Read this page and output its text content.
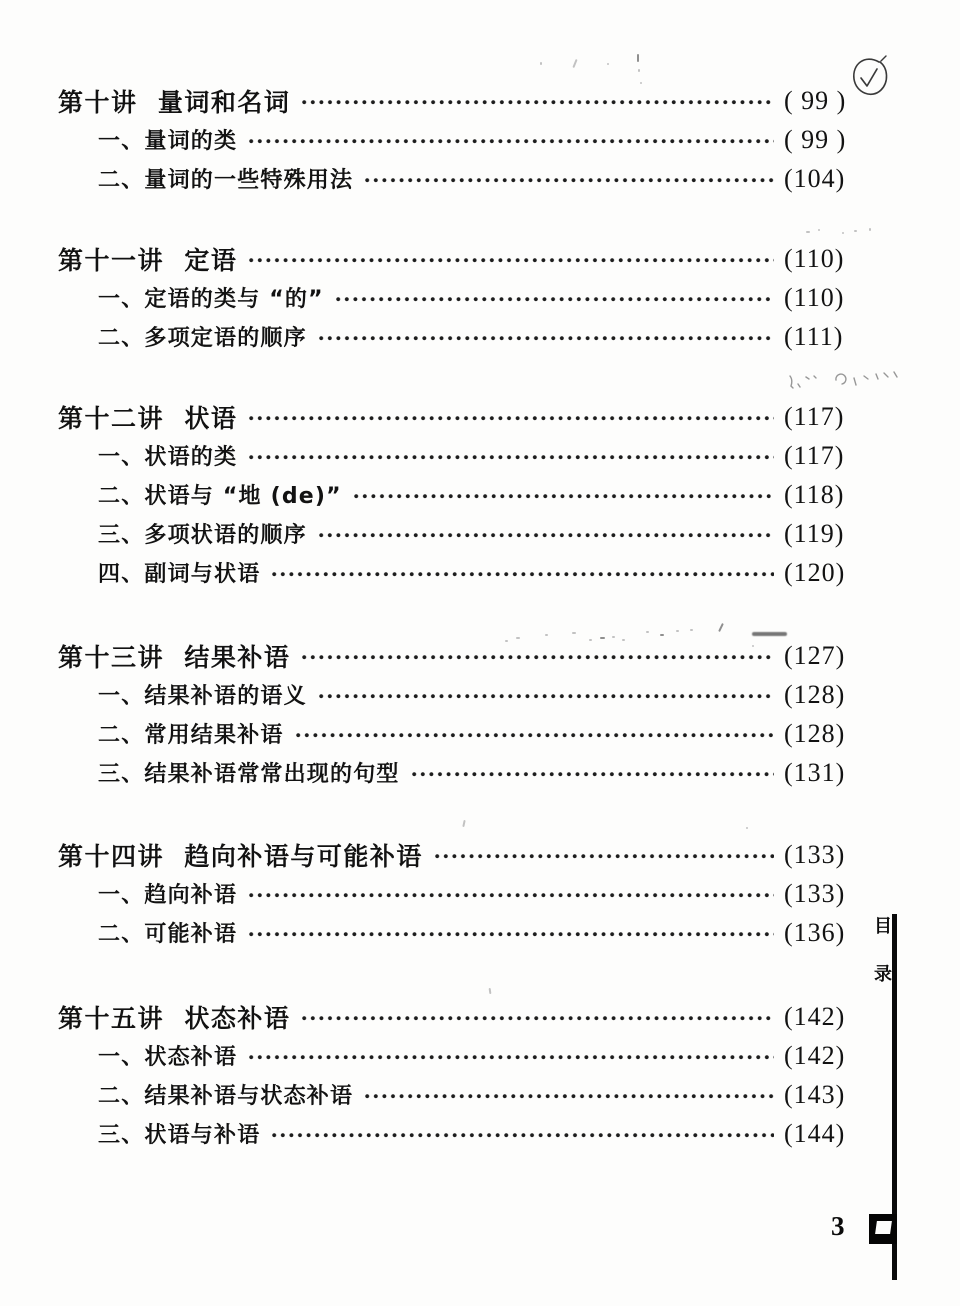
第十讲  量词和名词	( 99 )
一、量词的类	( 99 )
二、量词的一些特殊用法	(104)
第十一讲  定语	(110)
一、定语的类与 “的”	(110)
二、多项定语的顺序	(111)
第十二讲  状语	(117)
一、状语的类	(117)
二、状语与 “地 (de)”	(118)
三、多项状语的顺序	(119)
四、副词与状语	(120)
第十三讲  结果补语	(127)
一、结果补语的语义	(128)
二、常用结果补语	(128)
三、结果补语常常出现的句型	(131)
第十四讲  趋向补语与可能补语	(133)
一、趋向补语	(133)
二、可能补语	(136)
第十五讲  状态补语	(142)
一、状态补语	(142)
二、结果补语与状态补语	(143)
三、状语与补语	(144)
目
录
3
